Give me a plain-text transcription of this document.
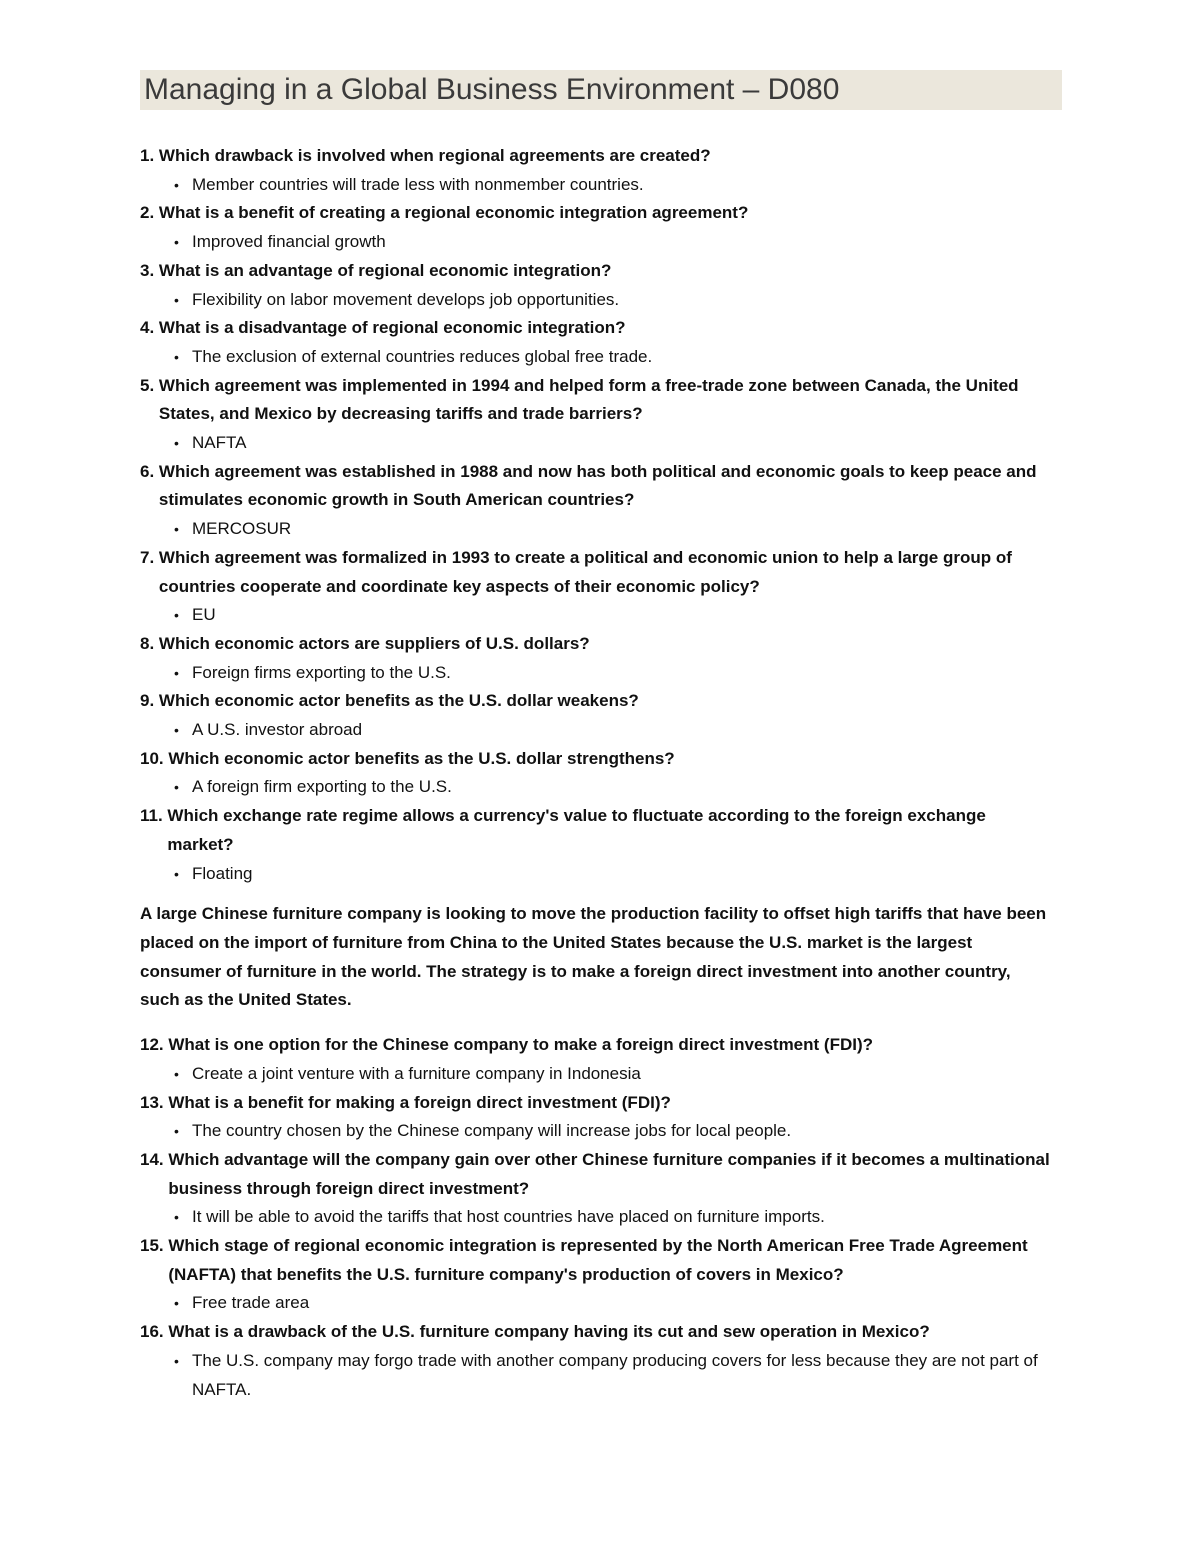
Managing in a Global Business Environment – D080
1. Which drawback is involved when regional agreements are created?
• Member countries will trade less with nonmember countries.
2. What is a benefit of creating a regional economic integration agreement?
• Improved financial growth
3. What is an advantage of regional economic integration?
• Flexibility on labor movement develops job opportunities.
4. What is a disadvantage of regional economic integration?
• The exclusion of external countries reduces global free trade.
5. Which agreement was implemented in 1994 and helped form a free-trade zone between Canada, the United States, and Mexico by decreasing tariffs and trade barriers?
• NAFTA
6. Which agreement was established in 1988 and now has both political and economic goals to keep peace and stimulates economic growth in South American countries?
• MERCOSUR
7. Which agreement was formalized in 1993 to create a political and economic union to help a large group of countries cooperate and coordinate key aspects of their economic policy?
• EU
8. Which economic actors are suppliers of U.S. dollars?
• Foreign firms exporting to the U.S.
9. Which economic actor benefits as the U.S. dollar weakens?
• A U.S. investor abroad
10. Which economic actor benefits as the U.S. dollar strengthens?
• A foreign firm exporting to the U.S.
11. Which exchange rate regime allows a currency's value to fluctuate according to the foreign exchange market?
• Floating
A large Chinese furniture company is looking to move the production facility to offset high tariffs that have been placed on the import of furniture from China to the United States because the U.S. market is the largest consumer of furniture in the world. The strategy is to make a foreign direct investment into another country, such as the United States.
12. What is one option for the Chinese company to make a foreign direct investment (FDI)?
• Create a joint venture with a furniture company in Indonesia
13. What is a benefit for making a foreign direct investment (FDI)?
• The country chosen by the Chinese company will increase jobs for local people.
14. Which advantage will the company gain over other Chinese furniture companies if it becomes a multinational business through foreign direct investment?
• It will be able to avoid the tariffs that host countries have placed on furniture imports.
15. Which stage of regional economic integration is represented by the North American Free Trade Agreement (NAFTA) that benefits the U.S. furniture company's production of covers in Mexico?
• Free trade area
16. What is a drawback of the U.S. furniture company having its cut and sew operation in Mexico?
• The U.S. company may forgo trade with another company producing covers for less because they are not part of NAFTA.
